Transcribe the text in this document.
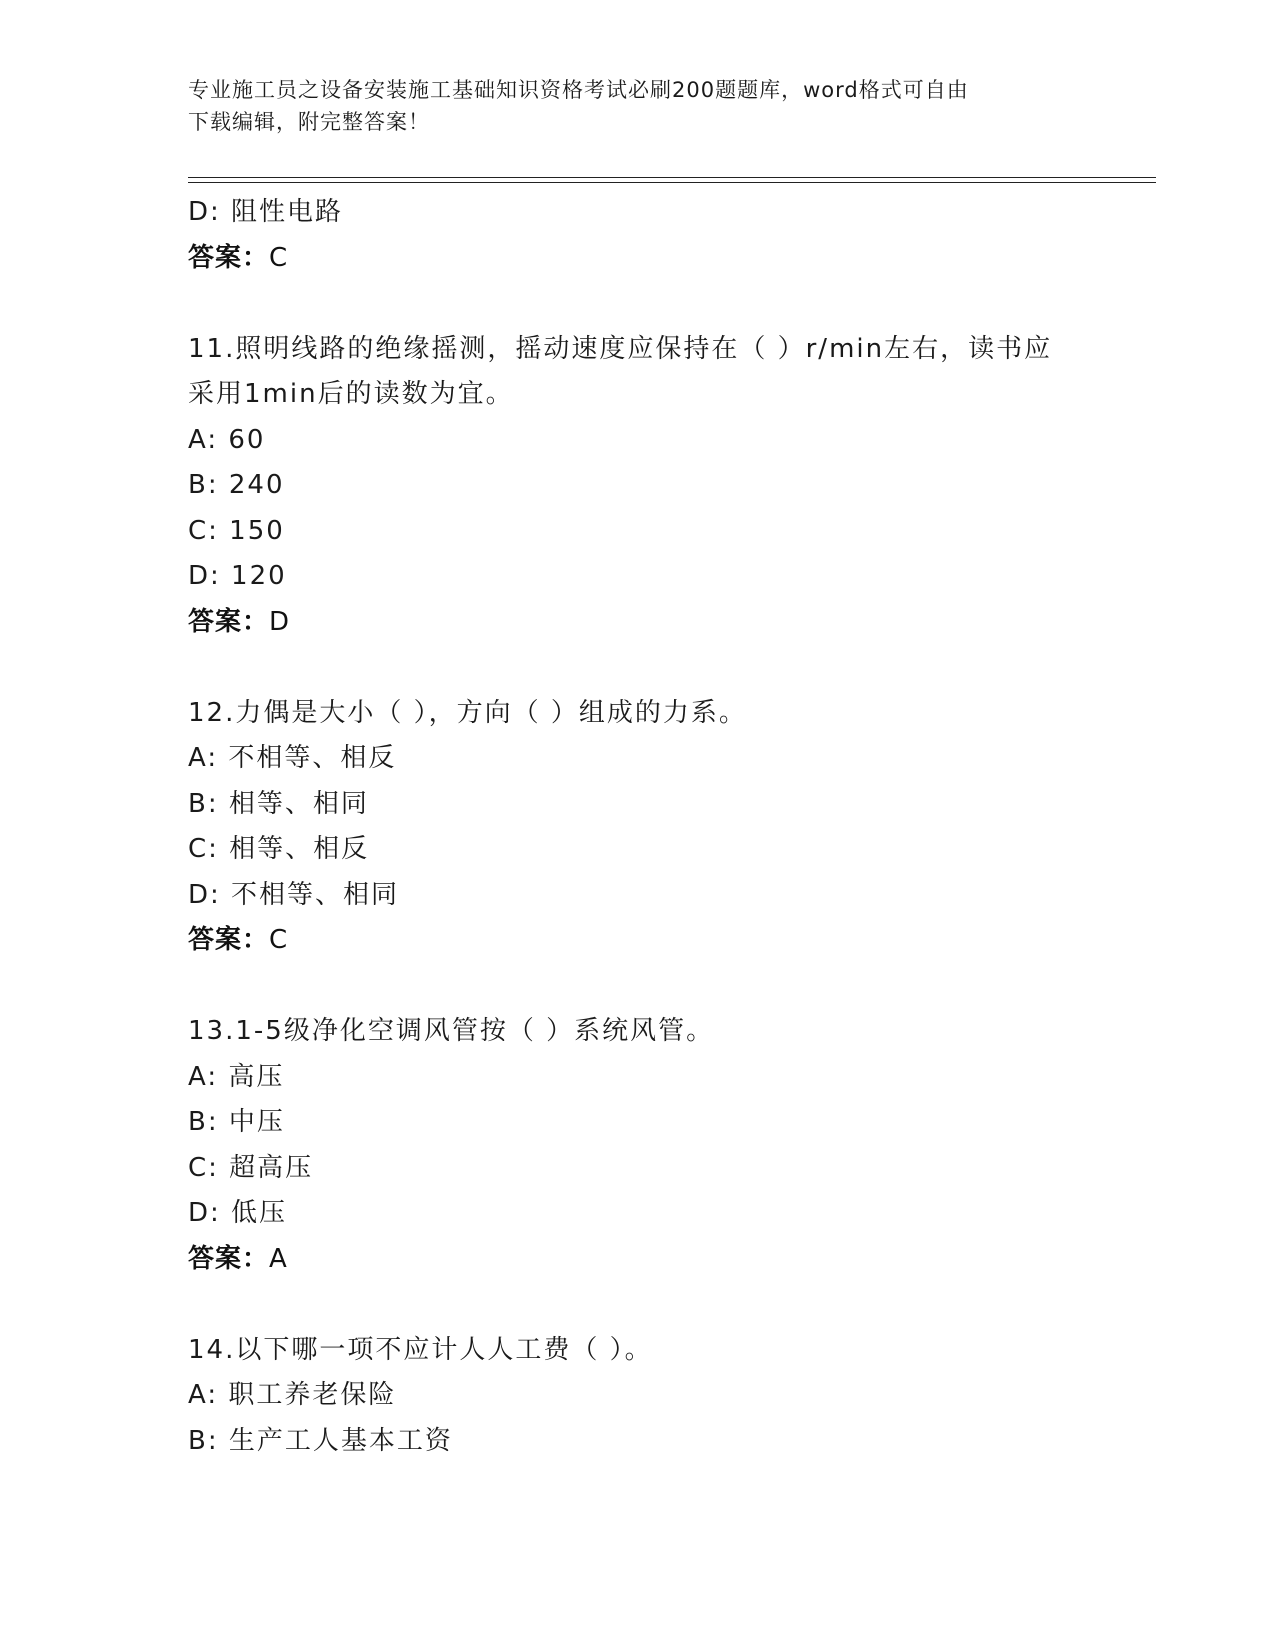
专业施工员之设备安装施工基础知识资格考试必刷200题题库，word格式可自由
下载编辑，附完整答案！
D: 阻性电路
答案：C
11.照明线路的绝缘摇测，摇动速度应保持在（ ）r/min左右，读书应
采用1min后的读数为宜。
A: 60
B: 240
C: 150
D: 120
答案：D
12.力偶是大小（ ），方向（ ）组成的力系。
A: 不相等、相反
B: 相等、相同
C: 相等、相反
D: 不相等、相同
答案：C
13.1-5级净化空调风管按（ ）系统风管。
A: 高压
B: 中压
C: 超高压
D: 低压
答案：A
14.以下哪一项不应计人人工费（ ）。
A: 职工养老保险
B: 生产工人基本工资
